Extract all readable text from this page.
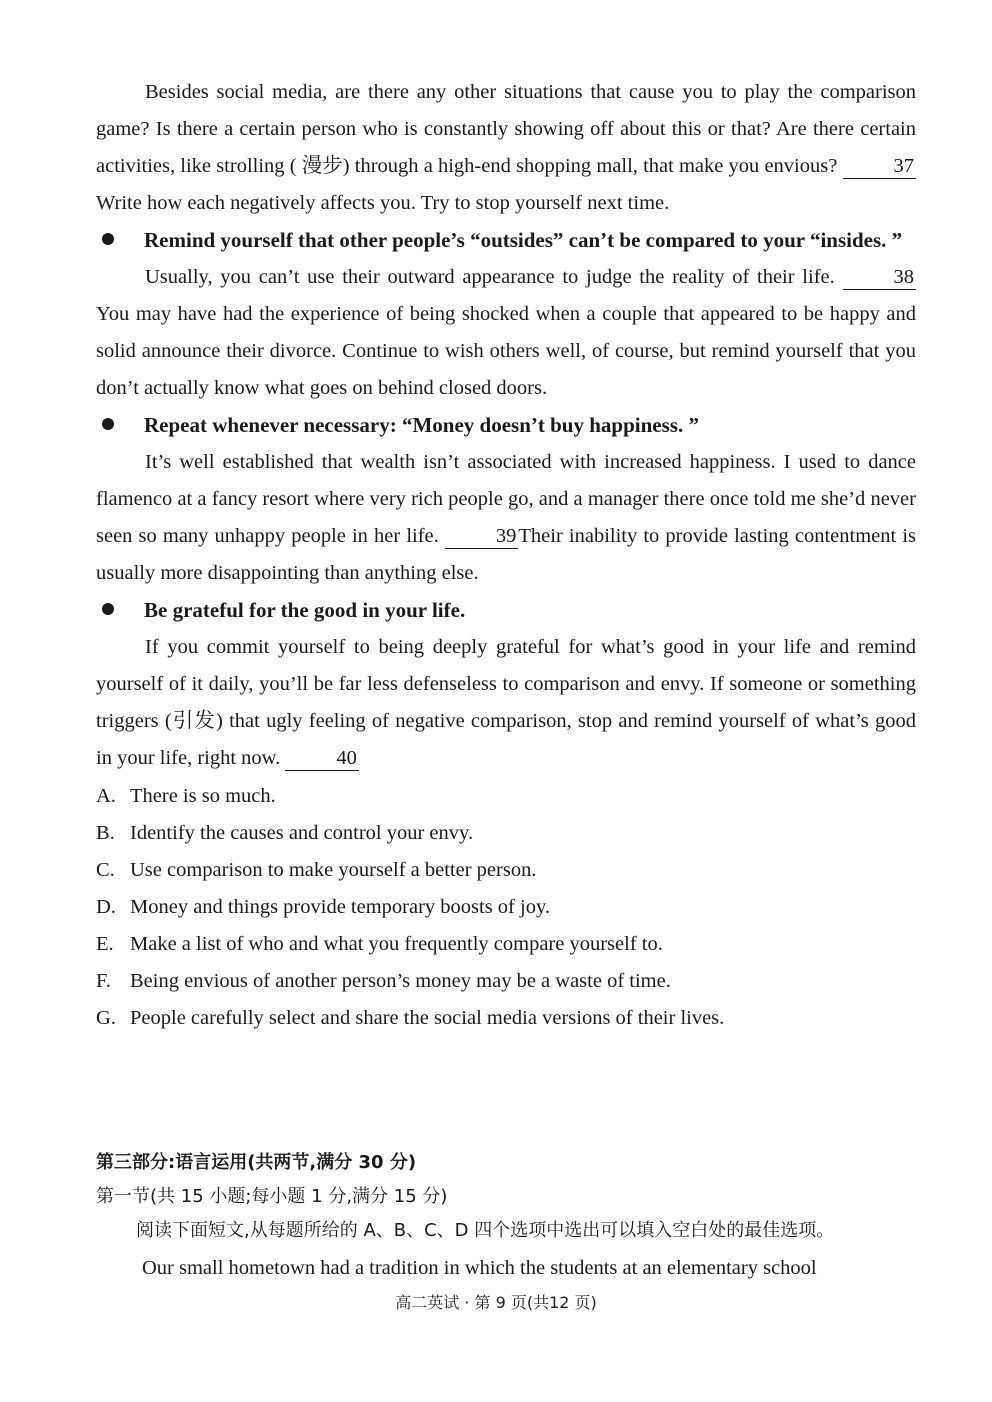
Besides social media, are there any other situations that cause you to play the comparison game? Is there a certain person who is constantly showing off about this or that? Are there certain activities, like strolling ( 漫步) through a high-end shopping mall, that make you envious? 37 Write how each negatively affects you. Try to stop yourself next time.

Remind yourself that other people’s “outsides” can’t be compared to your “insides. ”

Usually, you can’t use their outward appearance to judge the reality of their life. 38 You may have had the experience of being shocked when a couple that appeared to be happy and solid announce their divorce. Continue to wish others well, of course, but remind yourself that you don’t actually know what goes on behind closed doors.

Repeat whenever necessary: “Money doesn’t buy happiness. ”

It’s well established that wealth isn’t associated with increased happiness. I used to dance flamenco at a fancy resort where very rich people go, and a manager there once told me she’d never seen so many unhappy people in her life. 39Their inability to provide lasting contentment is usually more disappointing than anything else.

Be grateful for the good in your life.

If you commit yourself to being deeply grateful for what’s good in your life and remind yourself of it daily, you’ll be far less defenseless to comparison and envy. If someone or something triggers (引发) that ugly feeling of negative comparison, stop and remind yourself of what’s good in your life, right now. 40

A. There is so much.

B. Identify the causes and control your envy.

C. Use comparison to make yourself a better person.

D. Money and things provide temporary boosts of joy.

E. Make a list of who and what you frequently compare yourself to.

F. Being envious of another person’s money may be a waste of time.

G. People carefully select and share the social media versions of their lives.

第三部分:语言运用(共两节,满分 30 分)

第一节(共 15 小题;每小题 1 分,满分 15 分)

阅读下面短文,从每题所给的 A、B、C、D 四个选项中选出可以填入空白处的最佳选项。

Our small hometown had a tradition in which the students at an elementary school

高二英试 · 第 9 页(共12 页)
